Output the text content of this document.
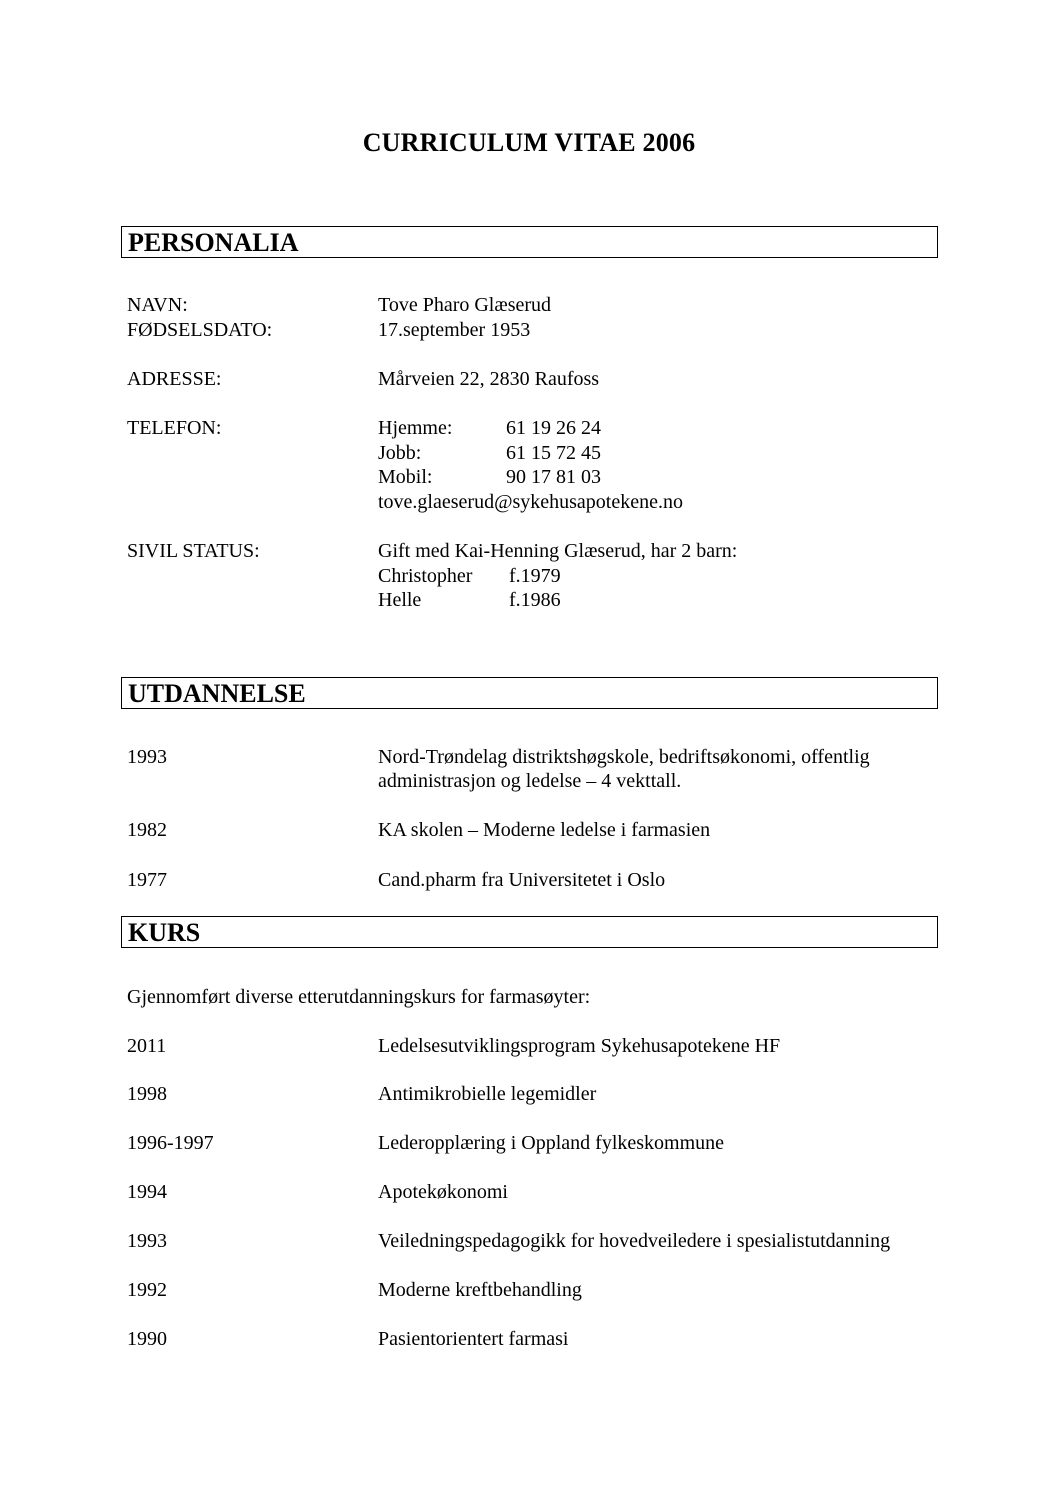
CURRICULUM VITAE 2006
PERSONALIA
NAVN:	Tove Pharo Glæserud
FØDSELSDATO:	17.september 1953
ADRESSE:	Mårveien 22, 2830 Raufoss
TELEFON:	Hjemme:	61 19 26 24
Jobb:	61 15 72 45
Mobil:	90 17 81 03
tove.glaeserud@sykehusapotekene.no
SIVIL STATUS:	Gift med Kai-Henning Glæserud, har 2 barn:
Christopher f.1979
Helle	f.1986
UTDANNELSE
1993	Nord-Trøndelag distriktshøgskole, bedriftsøkonomi, offentlig
administrasjon og ledelse – 4 vekttall.
1982	KA skolen – Moderne ledelse i farmasien
1977	Cand.pharm fra Universitetet i Oslo
KURS
Gjennomført diverse etterutdanningskurs for farmasøyter:
2011	Ledelsesutviklingsprogram Sykehusapotekene HF
1998	Antimikrobielle legemidler
1996-1997	Lederopplæring i Oppland fylkeskommune
1994	Apotekøkonomi
1993	Veiledningspedagogikk for hovedveiledere i spesialistutdanning
1992	Moderne kreftbehandling
1990	Pasientorientert farmasi
